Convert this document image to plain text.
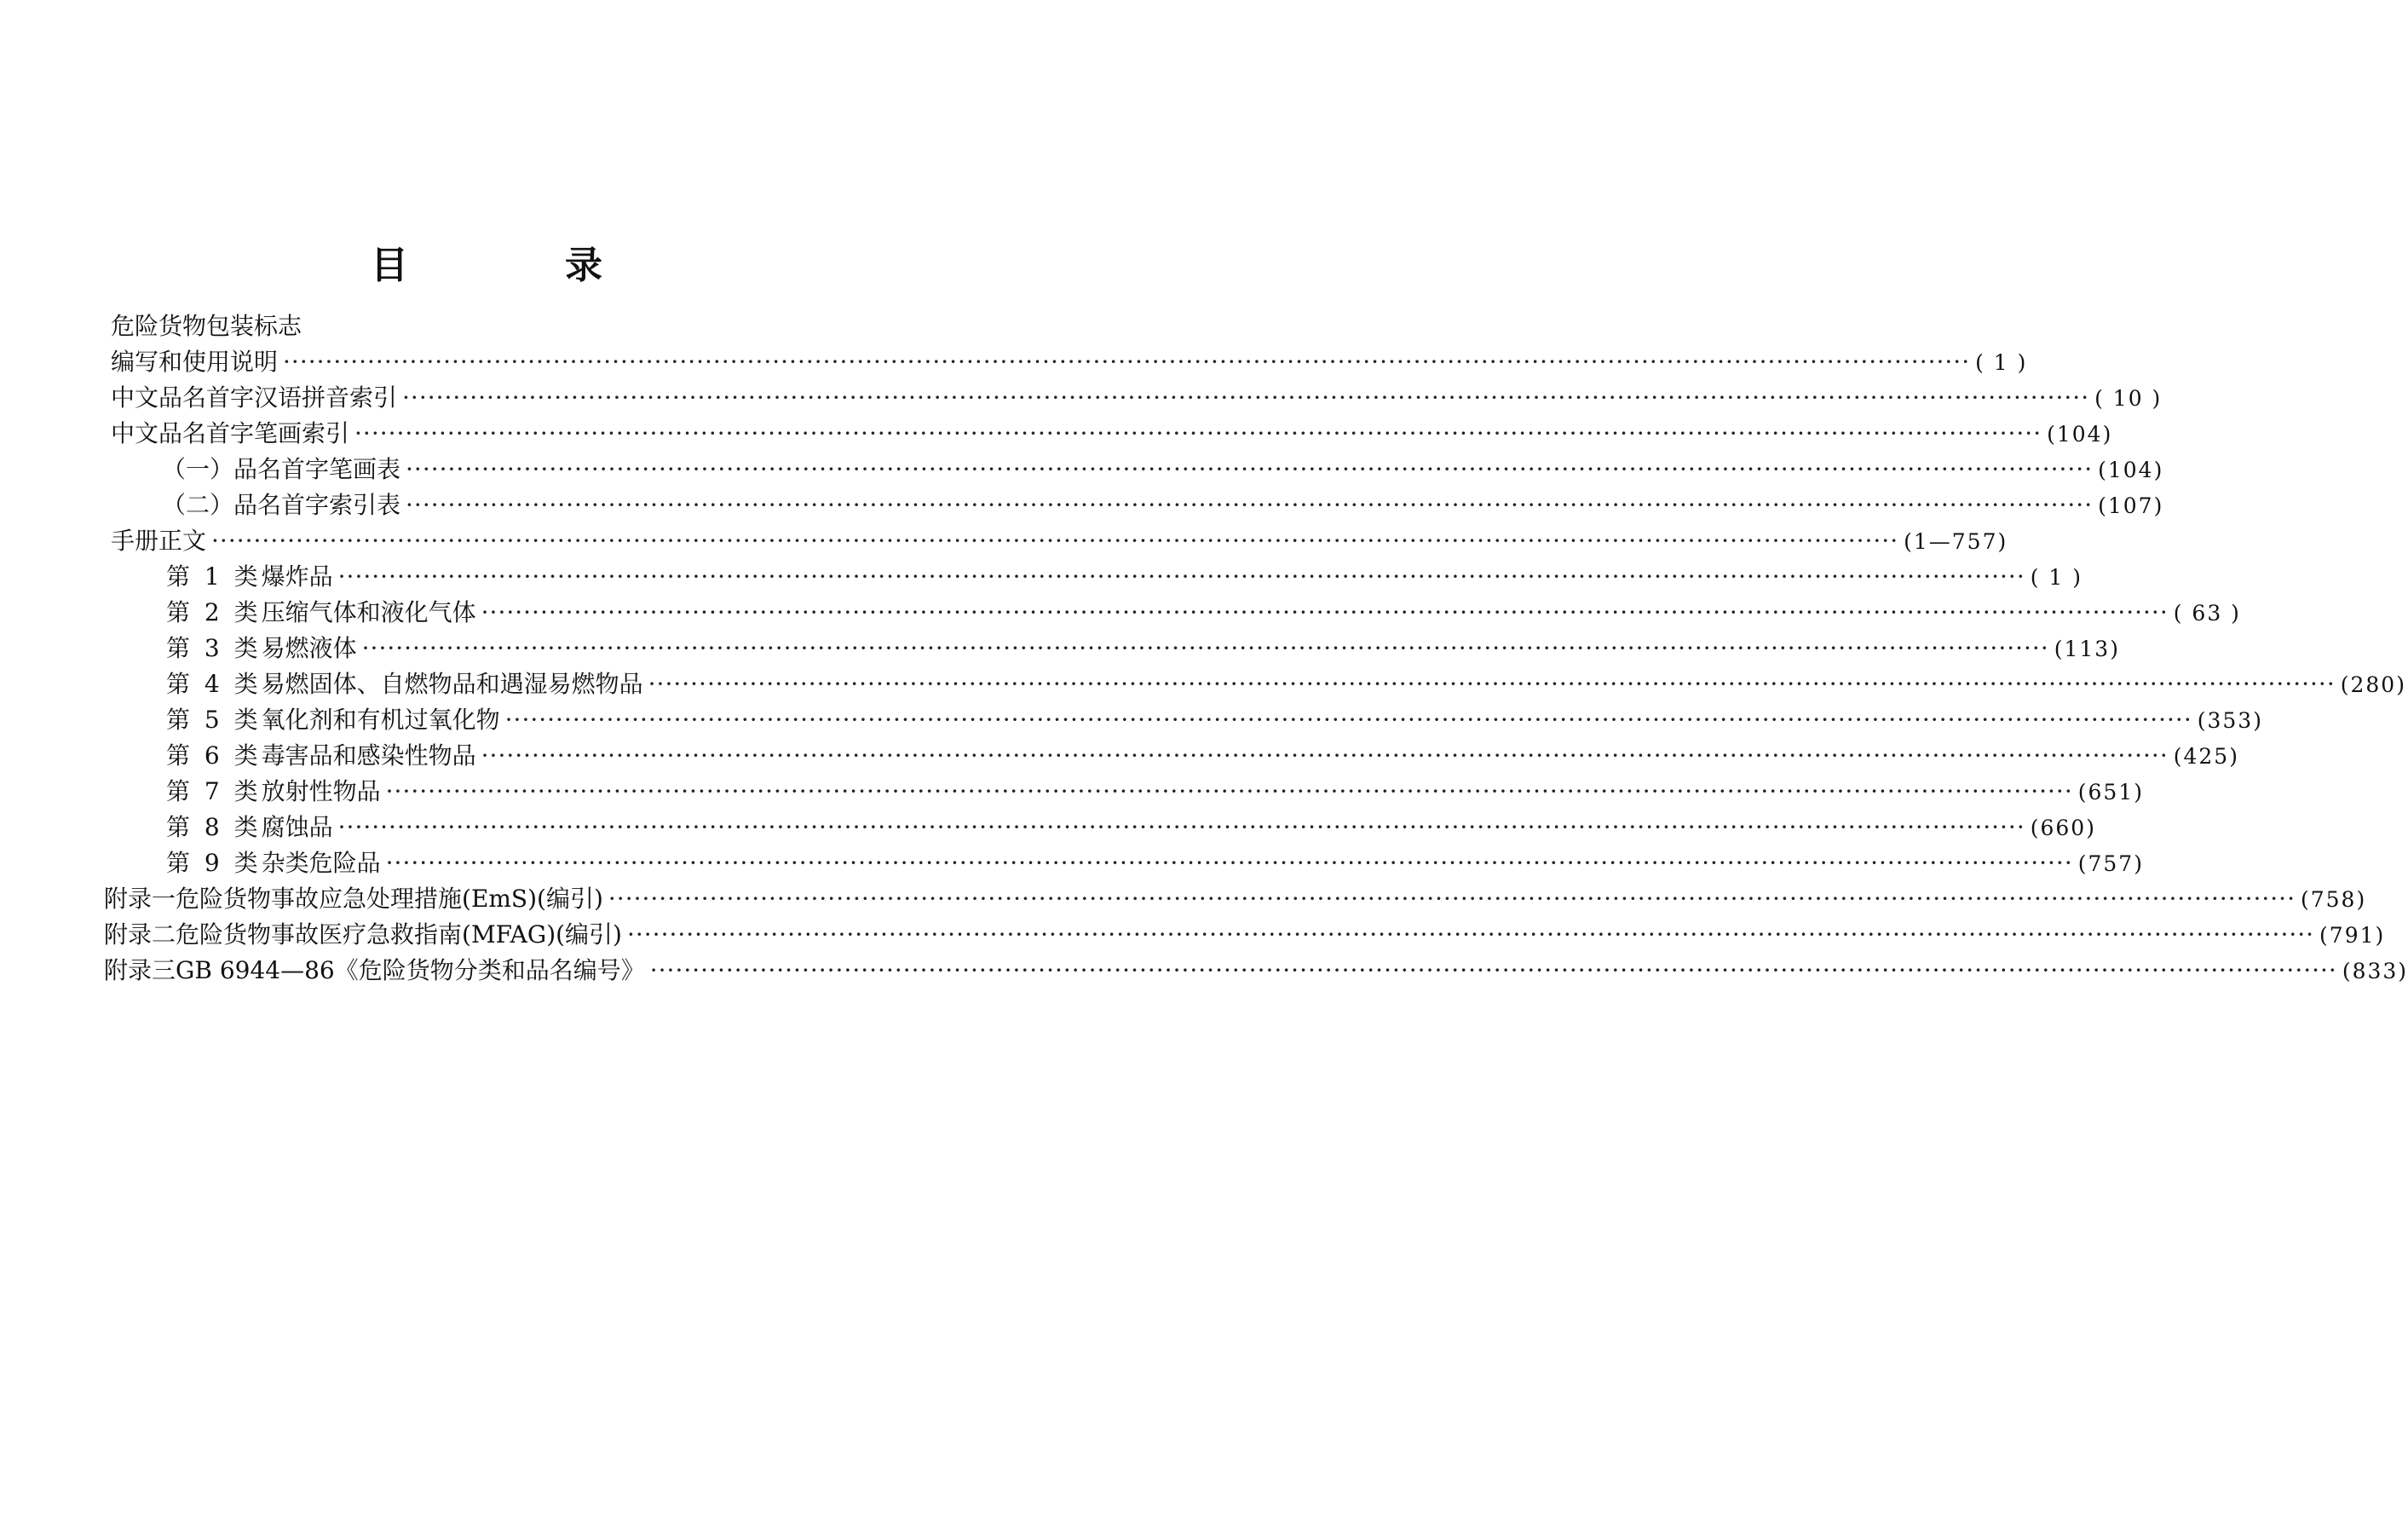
目　录
危险货物包装标志
编写和使用说明 ········································································································································································································ ( 1 )
中文品名首字汉语拼音索引 ········································································································································································································ ( 10 )
中文品名首字笔画索引 ········································································································································································································ (104)
（一）品名首字笔画表 ········································································································································································································ (104)
（二）品名首字索引表 ········································································································································································································ (107)
手册正文 ········································································································································································································ (1—757)
第 1 类 爆炸品 ········································································································································································································ ( 1 )
第 2 类 压缩气体和液化气体 ········································································································································································································ ( 63 )
第 3 类 易燃液体 ········································································································································································································ (113)
第 4 类 易燃固体、自燃物品和遇湿易燃物品 ········································································································································································································ (280)
第 5 类 氧化剂和有机过氧化物 ········································································································································································································ (353)
第 6 类 毒害品和感染性物品 ········································································································································································································ (425)
第 7 类 放射性物品 ········································································································································································································ (651)
第 8 类 腐蚀品 ········································································································································································································ (660)
第 9 类 杂类危险品 ········································································································································································································ (757)
附录一 危险货物事故应急处理措施(EmS)(编引) ········································································································································································································ (758)
附录二 危险货物事故医疗急救指南(MFAG)(编引) ········································································································································································································ (791)
附录三 GB 6944—86《危险货物分类和品名编号》 ········································································································································································································ (833)
